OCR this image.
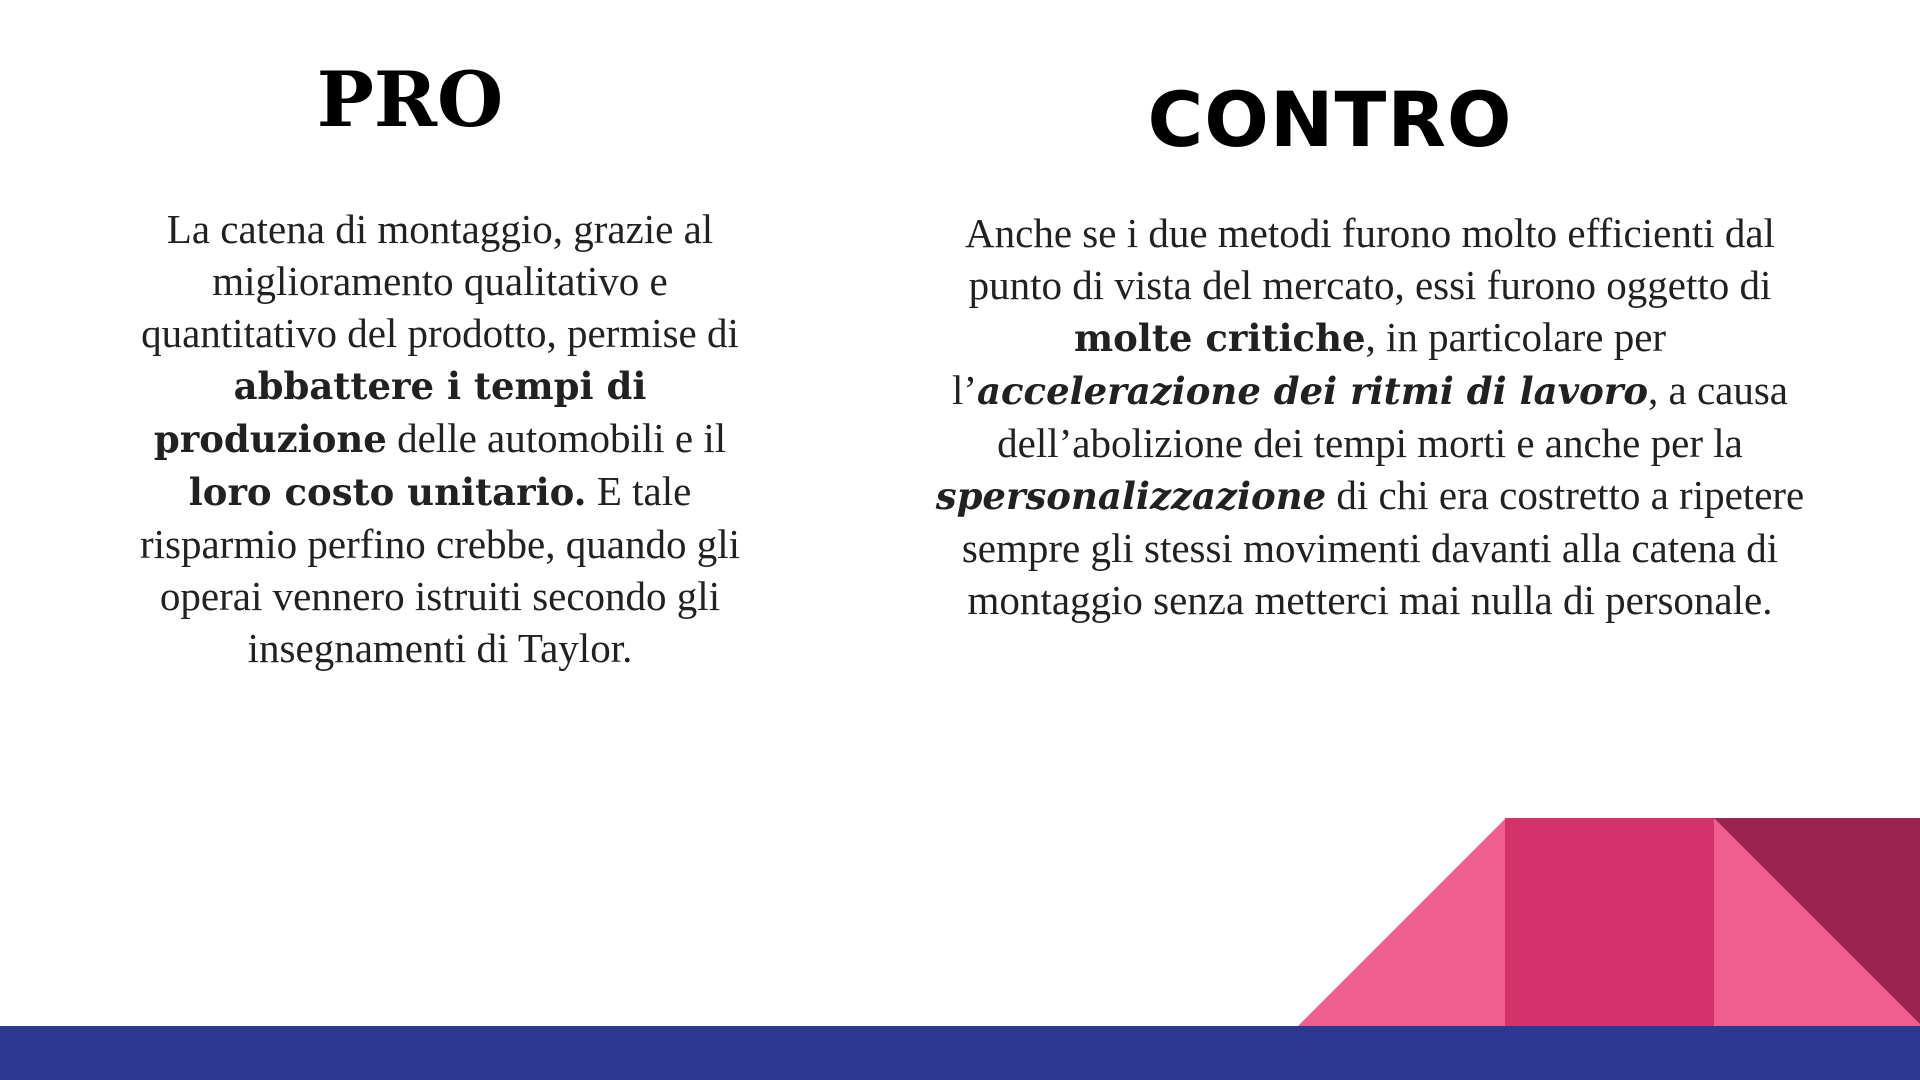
PRO	CONTRO

La catena di montaggio, grazie al miglioramento qualitativo e quantitativo del prodotto, permise di abbattere i tempi di produzione delle automobili e il loro costo unitario. E tale risparmio perfino crebbe, quando gli operai vennero istruiti secondo gli insegnamenti di Taylor.

Anche se i due metodi furono molto efficienti dal punto di vista del mercato, essi furono oggetto di molte critiche, in particolare per l’accelerazione dei ritmi di lavoro, a causa dell’abolizione dei tempi morti e anche per la spersonalizzazione di chi era costretto a ripetere sempre gli stessi movimenti davanti alla catena di montaggio senza metterci mai nulla di personale.
